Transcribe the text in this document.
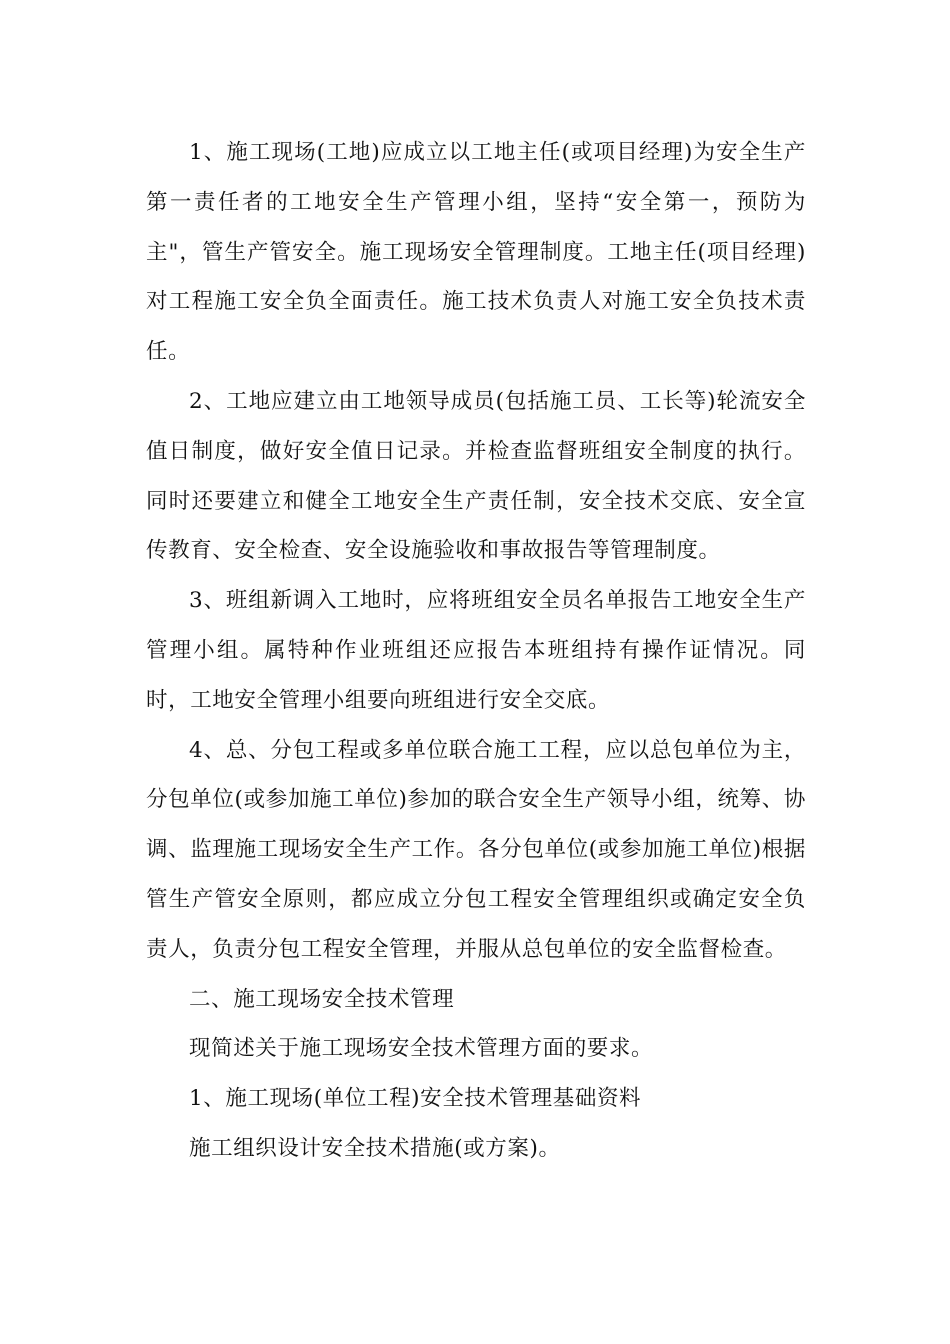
1、施工现场(工地)应成立以工地主任(或项目经理)为安全生产第一责任者的工地安全生产管理小组，坚持“安全第一，预防为主"，管生产管安全。施工现场安全管理制度。工地主任(项目经理)对工程施工安全负全面责任。施工技术负责人对施工安全负技术责任。

2、工地应建立由工地领导成员(包括施工员、工长等)轮流安全值日制度，做好安全值日记录。并检查监督班组安全制度的执行。同时还要建立和健全工地安全生产责任制，安全技术交底、安全宣传教育、安全检查、安全设施验收和事故报告等管理制度。

3、班组新调入工地时，应将班组安全员名单报告工地安全生产管理小组。属特种作业班组还应报告本班组持有操作证情况。同时，工地安全管理小组要向班组进行安全交底。

4、总、分包工程或多单位联合施工工程，应以总包单位为主，分包单位(或参加施工单位)参加的联合安全生产领导小组，统筹、协调、监理施工现场安全生产工作。各分包单位(或参加施工单位)根据管生产管安全原则，都应成立分包工程安全管理组织或确定安全负责人，负责分包工程安全管理，并服从总包单位的安全监督检查。

二、施工现场安全技术管理

现简述关于施工现场安全技术管理方面的要求。

1、施工现场(单位工程)安全技术管理基础资料

施工组织设计安全技术措施(或方案)。
